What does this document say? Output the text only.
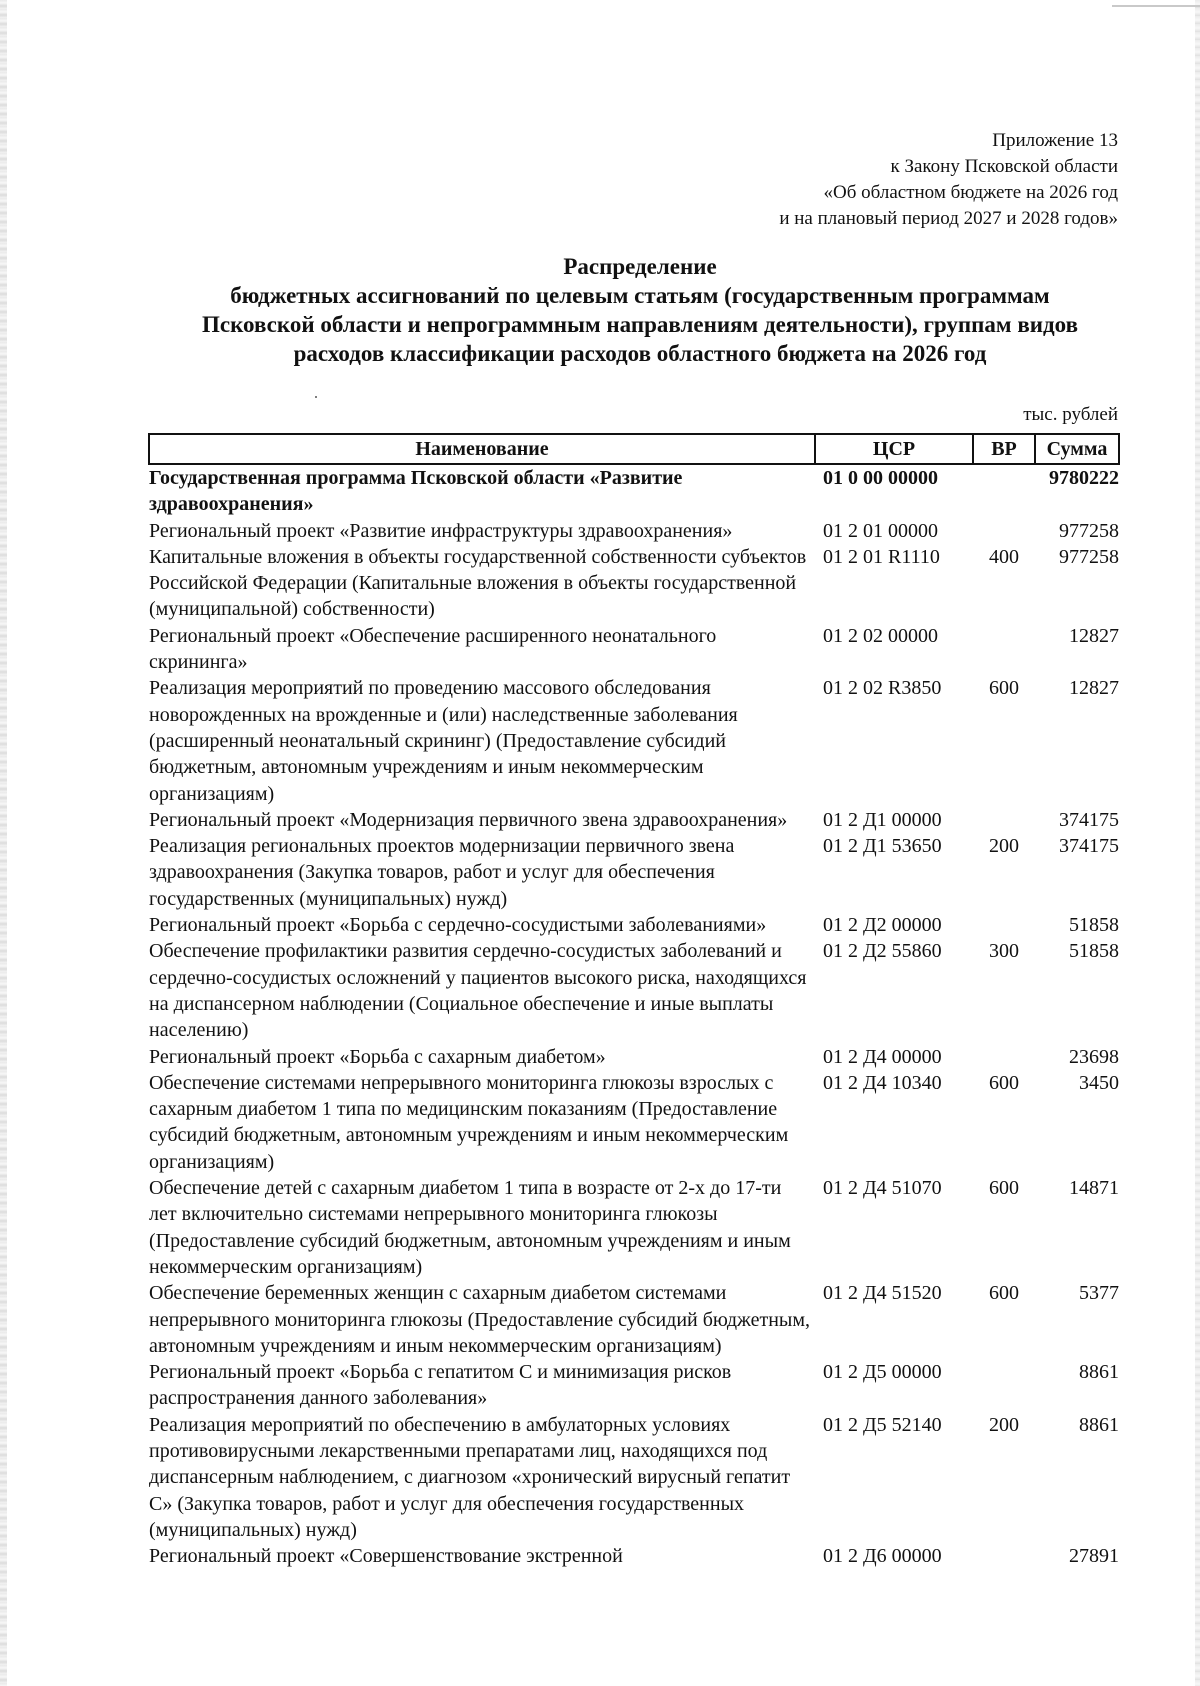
Приложение 13
к Закону Псковской области
«Об областном бюджете на 2026 год
и на плановый период 2027 и 2028 годов»
Распределение
бюджетных ассигнований по целевым статьям (государственным программам
Псковской области и непрограммным направлениям деятельности), группам видов
расходов классификации расходов областного бюджета на 2026 год
тыс. рублей
Наименование	ЦСР	ВР	Сумма
Государственная программа Псковской области «Развитие здравоохранения»	01 0 00 00000		9780222
Региональный проект «Развитие инфраструктуры здравоохранения»	01 2 01 00000		977258
Капитальные вложения в объекты государственной собственности субъектов Российской Федерации (Капитальные вложения в объекты государственной (муниципальной) собственности)	01 2 01 R1110	400	977258
Региональный проект «Обеспечение расширенного неонатального скрининга»	01 2 02 00000		12827
Реализация мероприятий по проведению массового обследования новорожденных на врожденные и (или) наследственные заболевания (расширенный неонатальный скрининг) (Предоставление субсидий бюджетным, автономным учреждениям и иным некоммерческим организациям)	01 2 02 R3850	600	12827
Региональный проект «Модернизация первичного звена здравоохранения»	01 2 Д1 00000		374175
Реализация региональных проектов модернизации первичного звена здравоохранения (Закупка товаров, работ и услуг для обеспечения государственных (муниципальных) нужд)	01 2 Д1 53650	200	374175
Региональный проект «Борьба с сердечно-сосудистыми заболеваниями»	01 2 Д2 00000		51858
Обеспечение профилактики развития сердечно-сосудистых заболеваний и сердечно-сосудистых осложнений у пациентов высокого риска, находящихся на диспансерном наблюдении (Социальное обеспечение и иные выплаты населению)	01 2 Д2 55860	300	51858
Региональный проект «Борьба с сахарным диабетом»	01 2 Д4 00000		23698
Обеспечение системами непрерывного мониторинга глюкозы взрослых с сахарным диабетом 1 типа по медицинским показаниям (Предоставление субсидий бюджетным, автономным учреждениям и иным некоммерческим организациям)	01 2 Д4 10340	600	3450
Обеспечение детей с сахарным диабетом 1 типа в возрасте от 2-х до 17-ти лет включительно системами непрерывного мониторинга глюкозы (Предоставление субсидий бюджетным, автономным учреждениям и иным некоммерческим организациям)	01 2 Д4 51070	600	14871
Обеспечение беременных женщин с сахарным диабетом системами непрерывного мониторинга глюкозы (Предоставление субсидий бюджетным, автономным учреждениям и иным некоммерческим организациям)	01 2 Д4 51520	600	5377
Региональный проект «Борьба с гепатитом С и минимизация рисков распространения данного заболевания»	01 2 Д5 00000		8861
Реализация мероприятий по обеспечению в амбулаторных условиях противовирусными лекарственными препаратами лиц, находящихся под диспансерным наблюдением, с диагнозом «хронический вирусный гепатит С» (Закупка товаров, работ и услуг для обеспечения государственных (муниципальных) нужд)	01 2 Д5 52140	200	8861
Региональный проект «Совершенствование экстренной	01 2 Д6 00000		27891
